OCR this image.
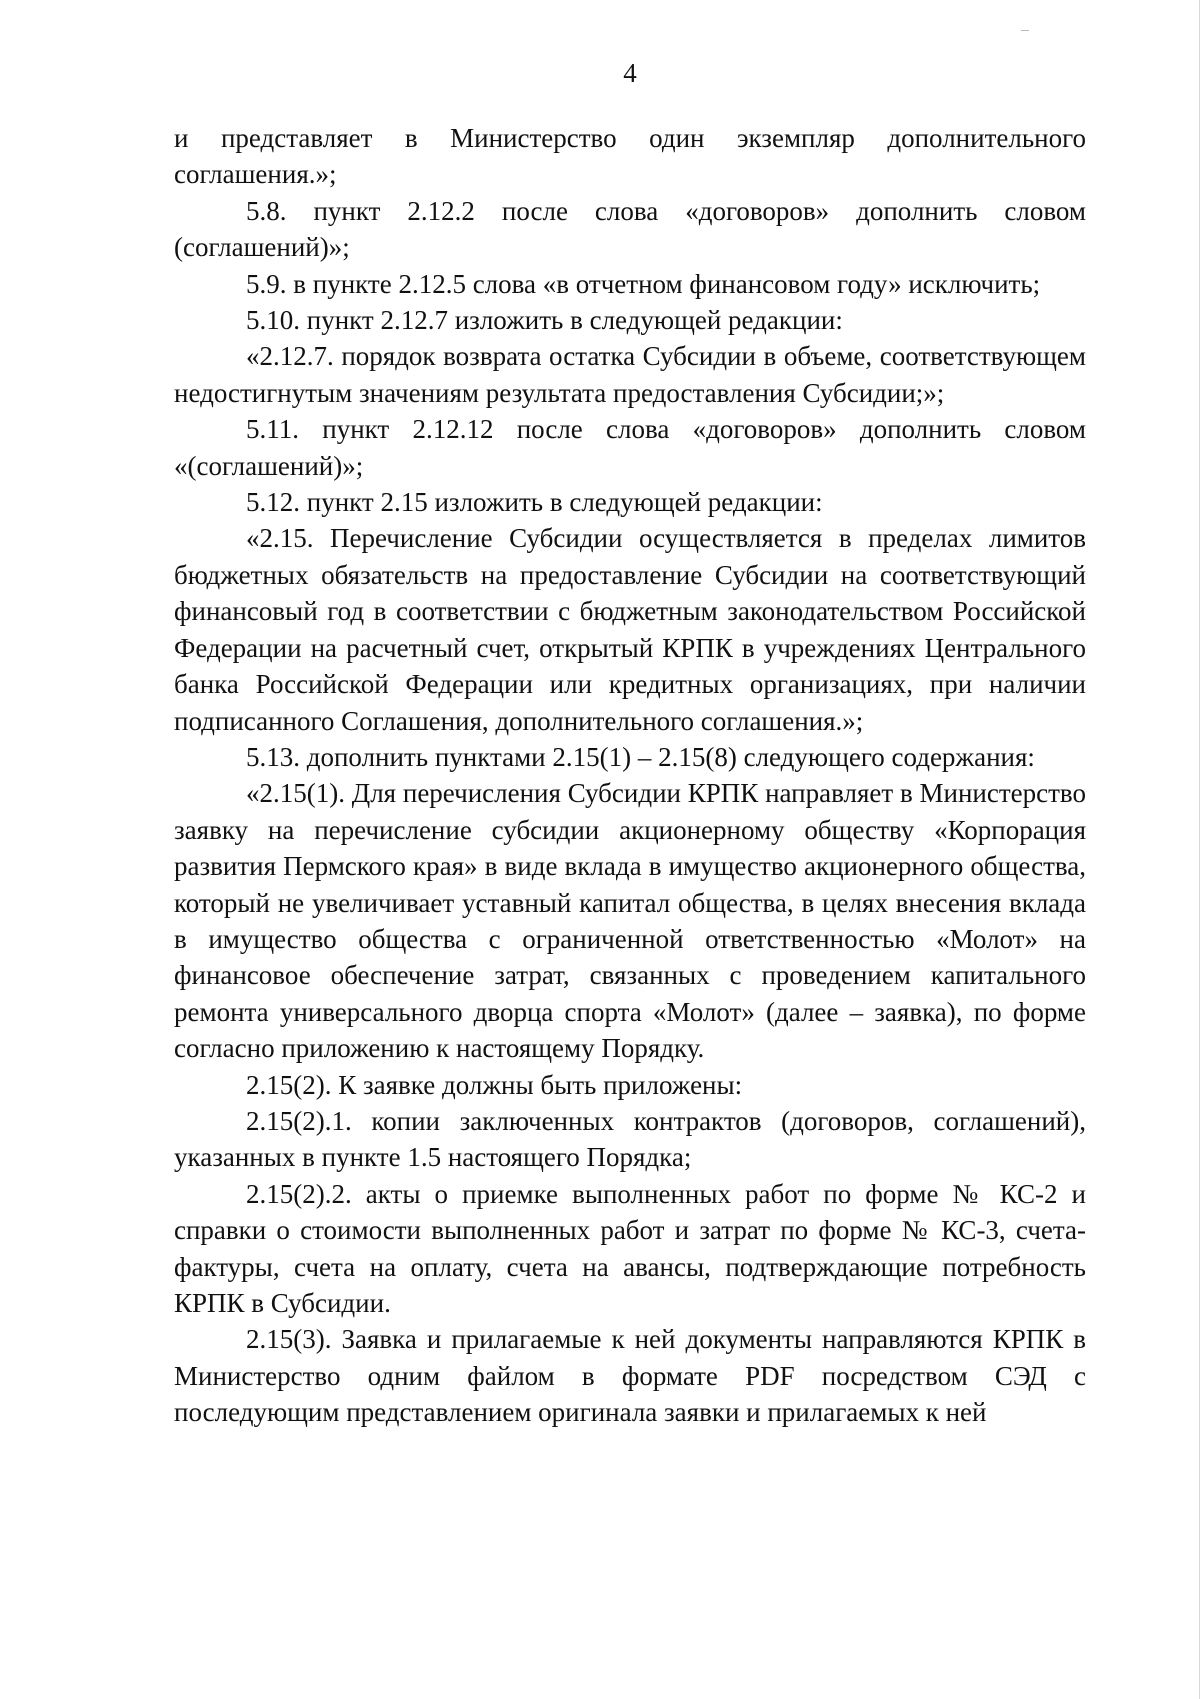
4

и представляет в Министерство один экземпляр дополнительного соглашения.»;

5.8. пункт 2.12.2 после слова «договоров» дополнить словом (соглашений)»;

5.9. в пункте 2.12.5 слова «в отчетном финансовом году» исключить;

5.10. пункт 2.12.7 изложить в следующей редакции:

«2.12.7. порядок возврата остатка Субсидии в объеме, соответствующем недостигнутым значениям результата предоставления Субсидии;»;

5.11. пункт 2.12.12 после слова «договоров» дополнить словом «(соглашений)»;

5.12. пункт 2.15 изложить в следующей редакции:

«2.15. Перечисление Субсидии осуществляется в пределах лимитов бюджетных обязательств на предоставление Субсидии на соответствующий финансовый год в соответствии с бюджетным законодательством Российской Федерации на расчетный счет, открытый КРПК в учреждениях Центрального банка Российской Федерации или кредитных организациях, при наличии подписанного Соглашения, дополнительного соглашения.»;

5.13. дополнить пунктами 2.15(1) – 2.15(8) следующего содержания:

«2.15(1). Для перечисления Субсидии КРПК направляет в Министерство заявку на перечисление субсидии акционерному обществу «Корпорация развития Пермского края» в виде вклада в имущество акционерного общества, который не увеличивает уставный капитал общества, в целях внесения вклада в имущество общества с ограниченной ответственностью «Молот» на финансовое обеспечение затрат, связанных с проведением капитального ремонта универсального дворца спорта «Молот» (далее – заявка), по форме согласно приложению к настоящему Порядку.

2.15(2). К заявке должны быть приложены:

2.15(2).1. копии заключенных контрактов (договоров, соглашений), указанных в пункте 1.5 настоящего Порядка;

2.15(2).2. акты о приемке выполненных работ по форме № КС-2 и справки о стоимости выполненных работ и затрат по форме № КС-3, счета-фактуры, счета на оплату, счета на авансы, подтверждающие потребность КРПК в Субсидии.

2.15(3). Заявка и прилагаемые к ней документы направляются КРПК в Министерство одним файлом в формате PDF посредством СЭД с последующим представлением оригинала заявки и прилагаемых к ней
